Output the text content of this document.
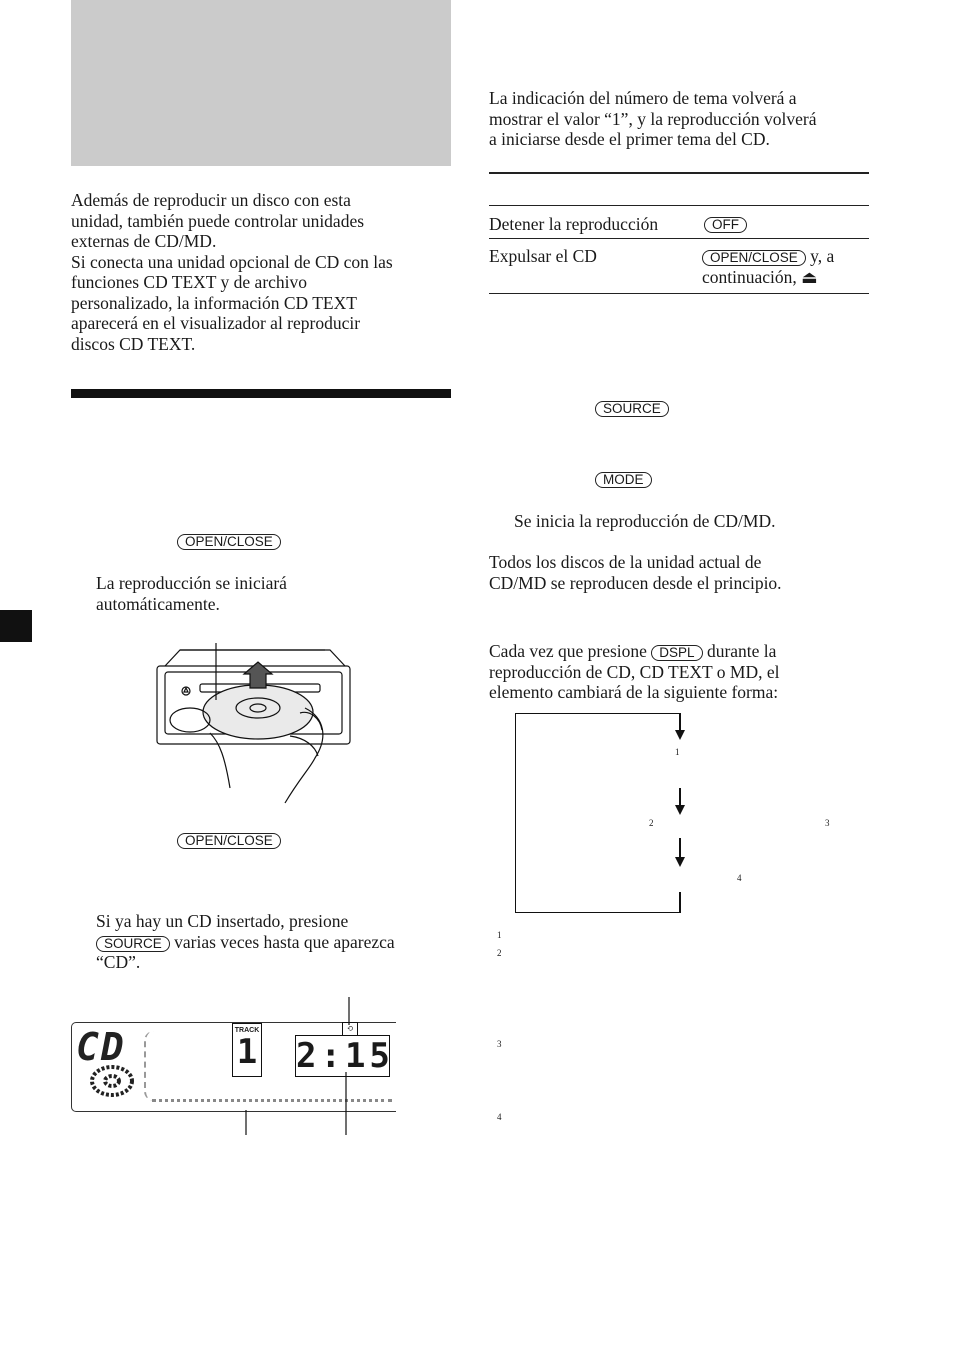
Además de reproducir un disco con esta
unidad, también puede controlar unidades
externas de CD/MD.
Si conecta una unidad opcional de CD con las
funciones CD TEXT y de archivo
personalizado, la información CD TEXT
aparecerá en el visualizador al reproducir
discos CD TEXT.
OPEN/CLOSE
La reproducción se iniciará
automáticamente.
OPEN/CLOSE
Si ya hay un CD insertado, presione
SOURCE varias veces hasta que aparezca
“CD”.
CD	TRACK
1 2:15
⟲
La indicación del número de tema volverá a
mostrar el valor “1”, y la reproducción volverá
a iniciarse desde el primer tema del CD.
Detener la reproducción	OFF
Expulsar el CD	OPEN/CLOSE y, a
continuación, ⏏
SOURCE
MODE
Se inicia la reproducción de CD/MD.
Todos los discos de la unidad actual de
CD/MD se reproducen desde el principio.
Cada vez que presione DSPL durante la
reproducción de CD, CD TEXT o MD, el
elemento cambiará de la siguiente forma:
1
2	3
4
1
2
3
4
